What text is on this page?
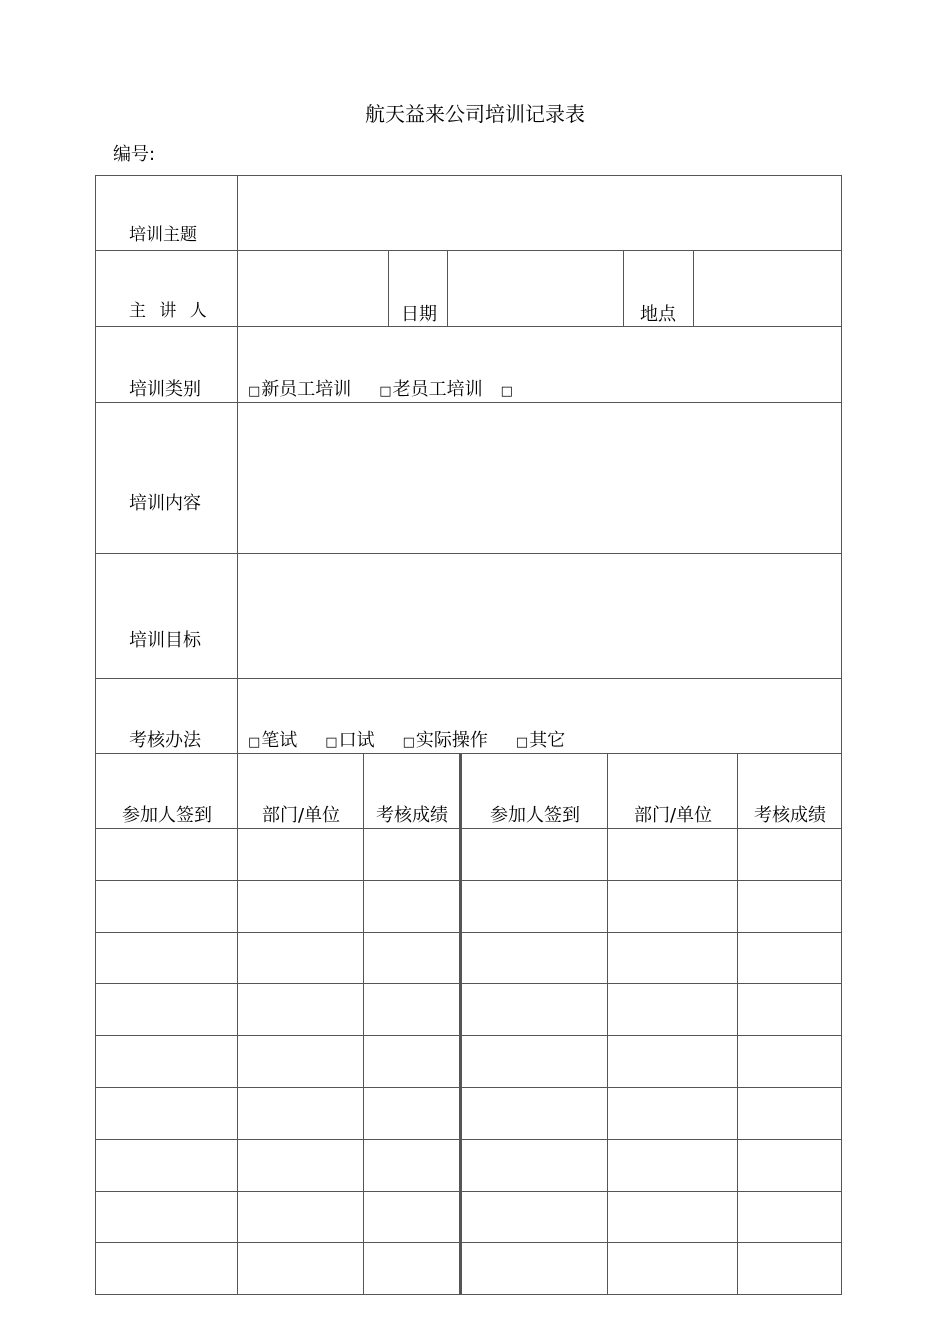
航天益来公司培训记录表
编号:
培训主题
主 讲 人	日期	地点
培训类别	□新员工培训 □老员工培训 □
培训内容
培训目标
考核办法	□笔试 □口试 □实际操作 □其它
参加人签到	部门/单位	考核成绩	参加人签到	部门/单位	考核成绩
